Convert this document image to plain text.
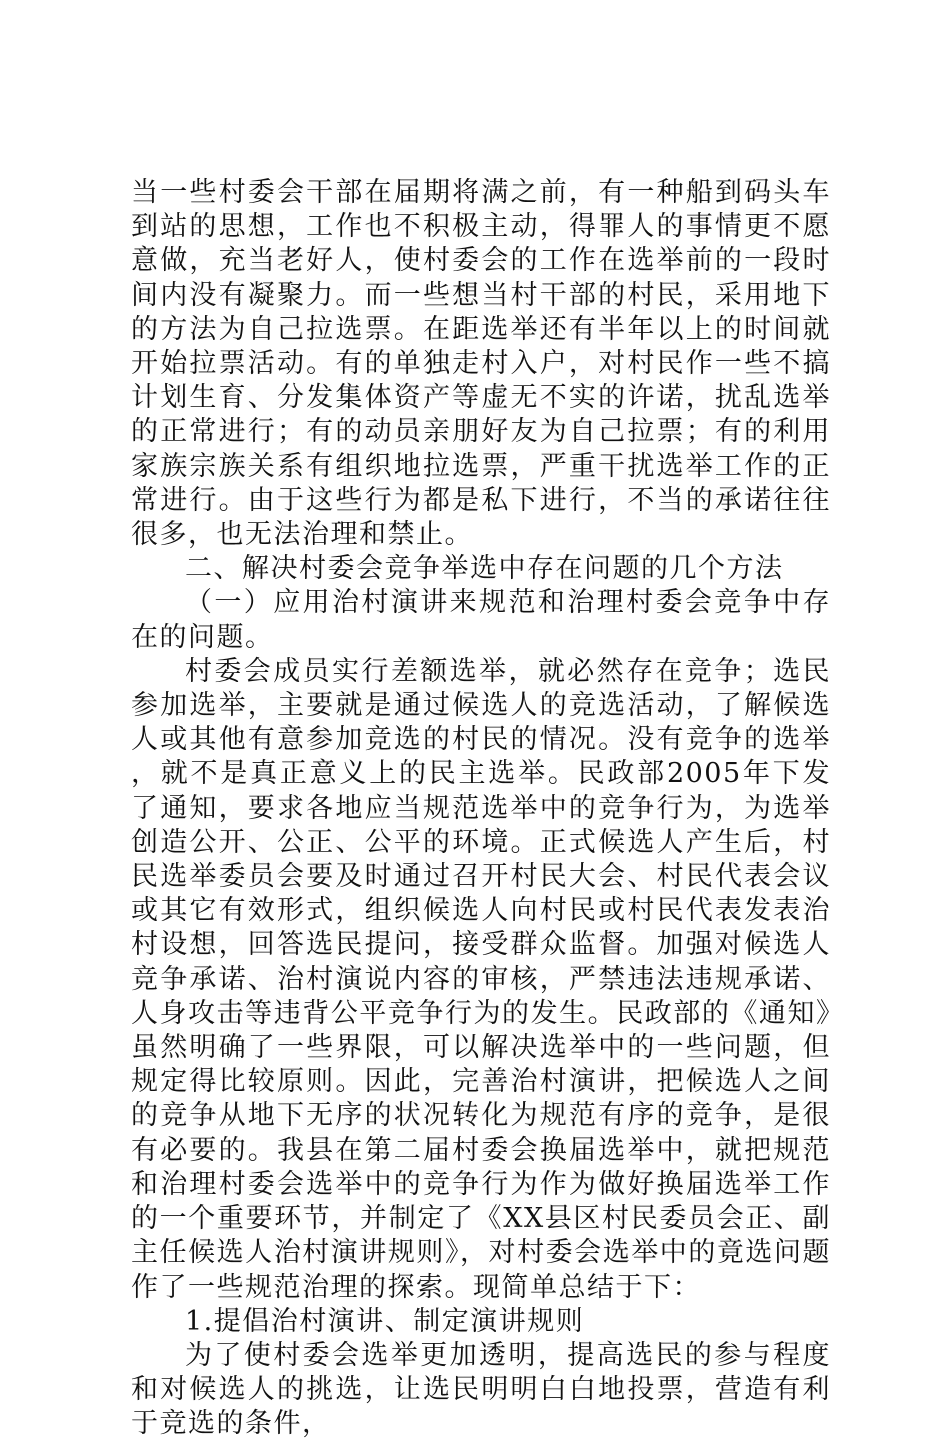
当一些村委会干部在届期将满之前，有一种船到码头车到站的思想，工作也不积极主动，得罪人的事情更不愿意做，充当老好人，使村委会的工作在选举前的一段时间内没有凝聚力。而一些想当村干部的村民，采用地下的方法为自己拉选票。在距选举还有半年以上的时间就开始拉票活动。有的单独走村入户，对村民作一些不搞计划生育、分发集体资产等虚无不实的许诺，扰乱选举的正常进行；有的动员亲朋好友为自己拉票；有的利用家族宗族关系有组织地拉选票，严重干扰选举工作的正常进行。由于这些行为都是私下进行，不当的承诺往往很多，也无法治理和禁止。

二、解决村委会竞争举选中存在问题的几个方法

（一）应用治村演讲来规范和治理村委会竞争中存在的问题。

村委会成员实行差额选举，就必然存在竞争；选民参加选举，主要就是通过候选人的竞选活动，了解候选人或其他有意参加竞选的村民的情况。没有竞争的选举，就不是真正意义上的民主选举。民政部2005年下发了通知，要求各地应当规范选举中的竞争行为，为选举创造公开、公正、公平的环境。正式候选人产生后，村民选举委员会要及时通过召开村民大会、村民代表会议或其它有效形式，组织候选人向村民或村民代表发表治村设想，回答选民提问，接受群众监督。加强对候选人竞争承诺、治村演说内容的审核，严禁违法违规承诺、人身攻击等违背公平竞争行为的发生。民政部的《通知》虽然明确了一些界限，可以解决选举中的一些问题，但规定得比较原则。因此，完善治村演讲，把候选人之间的竞争从地下无序的状况转化为规范有序的竞争，是很有必要的。我县在第二届村委会换届选举中，就把规范和治理村委会选举中的竞争行为作为做好换届选举工作的一个重要环节，并制定了《XX县区村民委员会正、副主任候选人治村演讲规则》，对村委会选举中的竟选问题作了一些规范治理的探索。现简单总结于下：

1.提倡治村演讲、制定演讲规则

为了使村委会选举更加透明，提高选民的参与程度和对候选人的挑选，让选民明明白白地投票，营造有利于竞选的条件，
